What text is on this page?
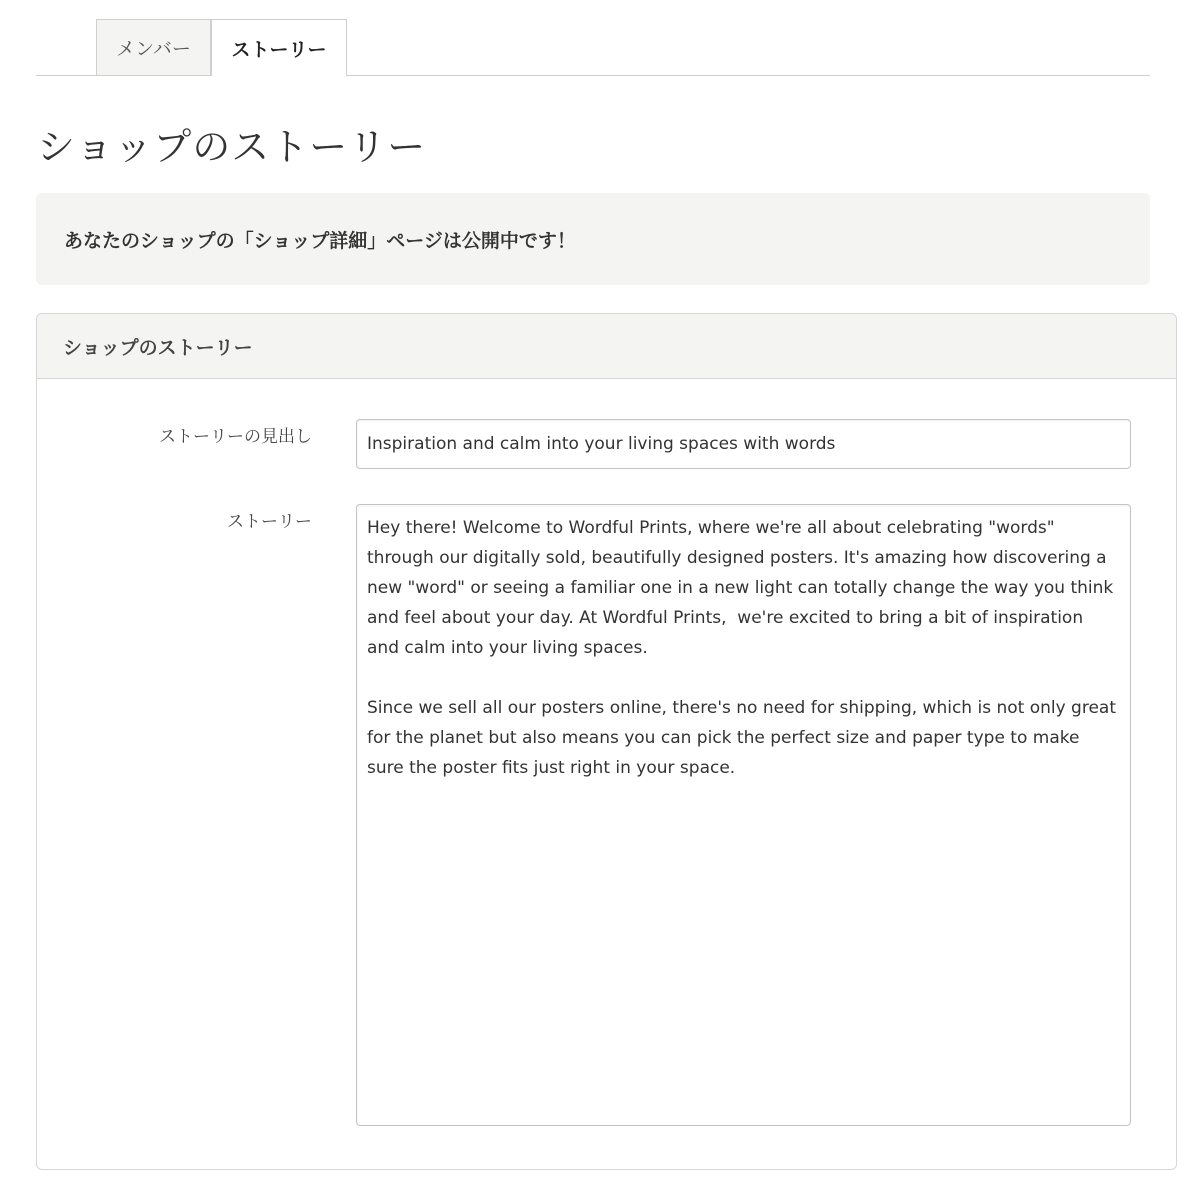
メンバー	ストーリー
ショップのストーリー
あなたのショップの「ショップ詳細」ページは公開中です！
ショップのストーリー
ストーリーの見出し
Inspiration and calm into your living spaces with words
ストーリー
Hey there! Welcome to Wordful Prints, where we're all about celebrating "words" through our digitally sold, beautifully designed posters. It's amazing how discovering a new "word" or seeing a familiar one in a new light can totally change the way you think and feel about your day. At Wordful Prints, we're excited to bring a bit of inspiration and calm into your living spaces. Since we sell all our posters online, there's no need for shipping, which is not only great for the planet but also means you can pick the perfect size and paper type to make sure the poster fits just right in your space.
